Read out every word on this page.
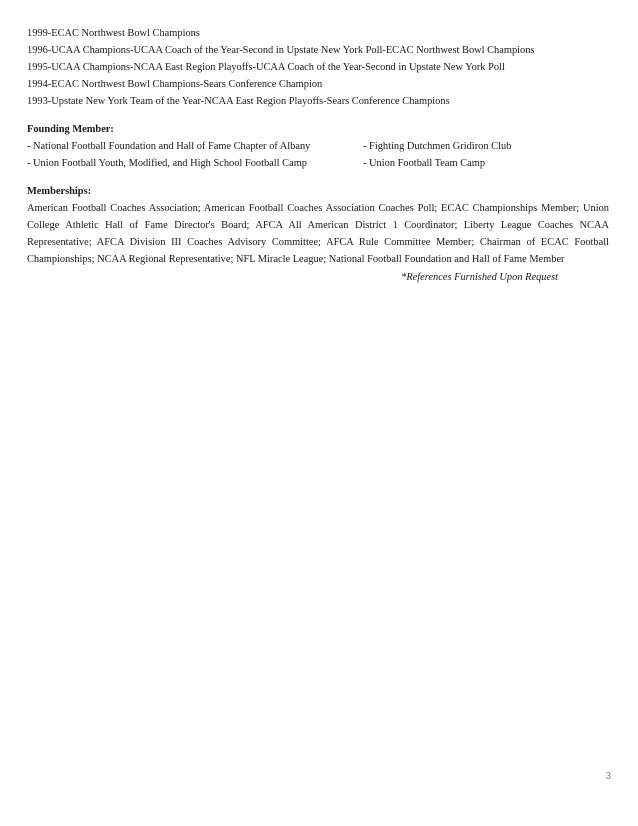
1999-ECAC Northwest Bowl Champions
1996-UCAA Champions-UCAA Coach of the Year-Second in Upstate New York Poll-ECAC Northwest Bowl Champions
1995-UCAA Champions-NCAA East Region Playoffs-UCAA Coach of the Year-Second in Upstate New York Poll
1994-ECAC Northwest Bowl Champions-Sears Conference Champion
1993-Upstate New York Team of the Year-NCAA East Region Playoffs-Sears Conference Champions
Founding Member:
- National Football Foundation and Hall of Fame Chapter of Albany	- Fighting Dutchmen Gridiron Club
- Union Football Youth, Modified, and High School Football Camp	- Union Football Team Camp
Memberships:
American Football Coaches Association; American Football Coaches Association Coaches Poll; ECAC Championships Member; Union College Athletic Hall of Fame Director's Board; AFCA All American District 1 Coordinator; Liberty League Coaches NCAA Representative; AFCA Division III Coaches Advisory Committee; AFCA Rule Committee Member; Chairman of ECAC Football Championships; NCAA Regional Representative; NFL Miracle League; National Football Foundation and Hall of Fame Member
*References Furnished Upon Request
3
